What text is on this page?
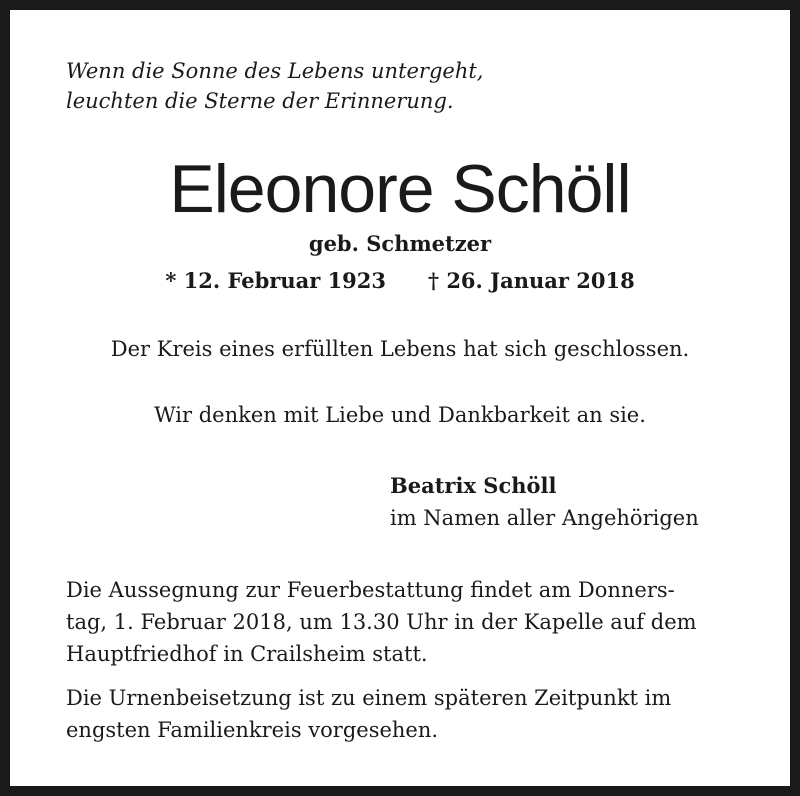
Wenn die Sonne des Lebens untergeht,
leuchten die Sterne der Erinnerung.

Eleonore Schöll
geb. Schmetzer
* 12. Februar 1923 † 26. Januar 2018
Der Kreis eines erfüllten Lebens hat sich geschlossen.
Wir denken mit Liebe und Dankbarkeit an sie.
Beatrix Schöll
im Namen aller Angehörigen
Die Aussegnung zur Feuerbestattung findet am Donners-
tag, 1. Februar 2018, um 13.30 Uhr in der Kapelle auf dem
Hauptfriedhof in Crailsheim statt.
Die Urnenbeisetzung ist zu einem späteren Zeitpunkt im
engsten Familienkreis vorgesehen.
